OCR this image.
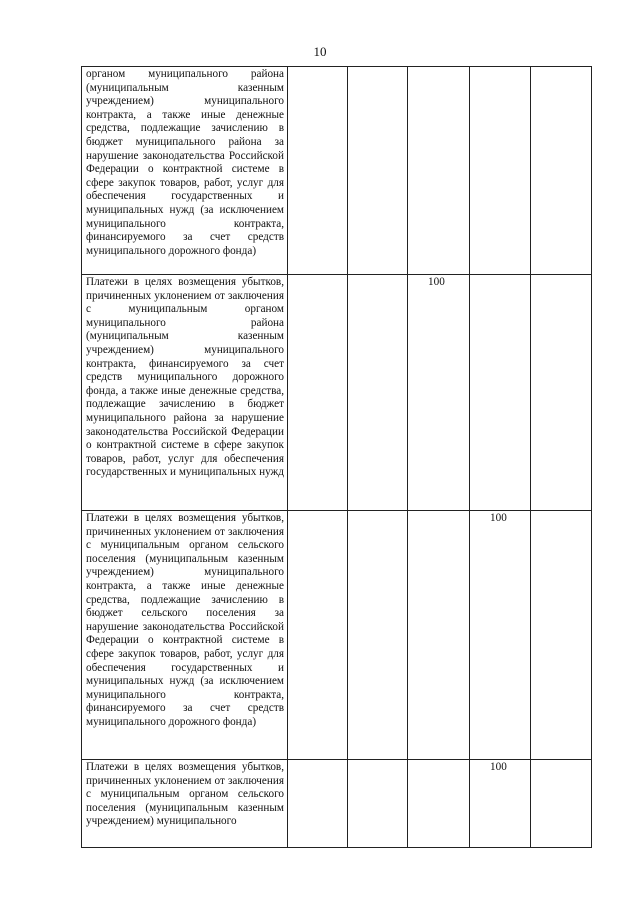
10
органом муниципального района (муниципальным казенным учреждением) муниципального контракта, а также иные денежные средства, подлежащие зачислению в бюджет муниципального района за нарушение законодательства Российской Федерации о контрактной системе в сфере закупок товаров, работ, услуг для обеспечения государственных и муниципальных нужд (за исключением муниципального контракта, финансируемого за счет средств муниципального дорожного фонда)					

Платежи в целях возмещения убытков, причиненных уклонением от заключения с муниципальным органом муниципального района (муниципальным казенным учреждением) муниципального контракта, финансируемого за счет средств муниципального дорожного фонда, а также иные денежные средства, подлежащие зачислению в бюджет муниципального района за нарушение законодательства Российской Федерации о контрактной системе в сфере закупок товаров, работ, услуг для обеспечения государственных и муниципальных нужд			100		

Платежи в целях возмещения убытков, причиненных уклонением от заключения с муниципальным органом сельского поселения (муниципальным казенным учреждением) муниципального контракта, а также иные денежные средства, подлежащие зачислению в бюджет сельского поселения за нарушение законодательства Российской Федерации о контрактной системе в сфере закупок товаров, работ, услуг для обеспечения государственных и муниципальных нужд (за исключением муниципального контракта, финансируемого за счет средств муниципального дорожного фонда)				100	

Платежи в целях возмещения убытков, причиненных уклонением от заключения с муниципальным органом сельского поселения (муниципальным казенным учреждением) муниципального				100	
